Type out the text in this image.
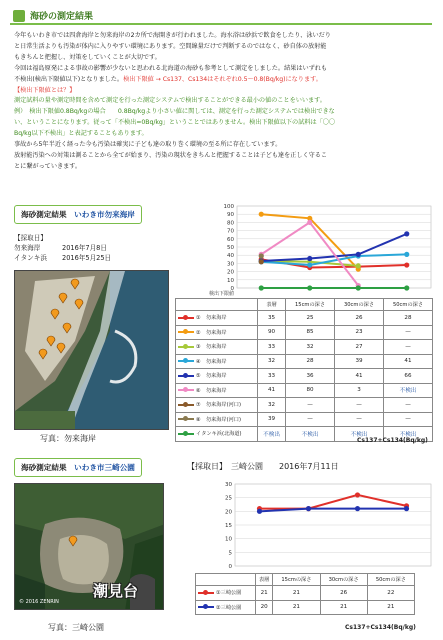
海砂の測定結果

今年もいわき市では四倉海岸と勿来海岸の2カ所で海開きが行われました。海水浴は砂浜で飲食をしたり、泳いだり

と日常生活よりも汚染が体内に入りやすい環境にあります。空間線量だけで判断するのではなく、砂自体の放射能

もきちんと把握し、対策をしていくことが大切です。

今回は福島原発による事故の影響が少ないと思われる北海道の海砂も参考として測定をしました。結果はいずれも

不検出(検出下限値以下)となりました。検出下限値 → Cs137、Cs134はそれぞれ0.5〜0.8(Bq/kg)になります。

【検出下限値とは？】

測定試料の量や測定時間を含めて測定を行った測定システムで検出することができる最小の値のことをいいます。

例）　検出下限値0.8Bq/kgの場合　　0.8Bq/kgより小さい値に関しては、測定を行った測定システムでは検出できな

い、ということになります。従って「不検出=0Bq/kg」ということではありません。検出下限値以下の試料は「〇〇

Bq/kg以下不検出」と表記することもあります。

事故から5年半近く経った今も汚染は確実に子ども達の取り巻く環境の至る所に存在しています。

放射能汚染への対策は測ることから全てが始まり、汚染の現状をきちんと把握することは子ども達を正しく守るこ

とに繋がっていきます。

海砂測定結果　いわき市勿来海岸
【採取日】
勿来海岸	2016年7月8日
イタンキ浜 2016年5月25日
写真：勿来海岸
0
10
20
30
40
50
60
70
80
90
100
検出下限値
	表層	15cmの深さ	30cmの深さ	50cmの深さ

①　勿来海岸	35	25	26	28

②　勿来海岸	90	85	23	—

③　勿来海岸	33	32	27	—

④　勿来海岸	32	28	39	41

⑤　勿来海岸	33	36	41	66

⑥　勿来海岸	41	80	3	不検出

⑦　勿来海岸(河口)	32	—	—	—

⑧　勿来海岸(河口)	39	—	—	—

イタンキ浜(北海道)	不検出	不検出	不検出	不検出
Cs137+Cs134(Bq/kg)
海砂測定結果　いわき市三崎公園	【採取日】　三崎公園　　2016年7月11日
潮見台
© 2016 ZENRIN
写真：三崎公園
0
5
10
15
20
25
30
	表層	15cmの深さ	30cmの深さ	50cmの深さ

①三崎公園	21	21	26	22

②三崎公園	20	21	21	21
Cs137+Cs134(Bq/kg)
